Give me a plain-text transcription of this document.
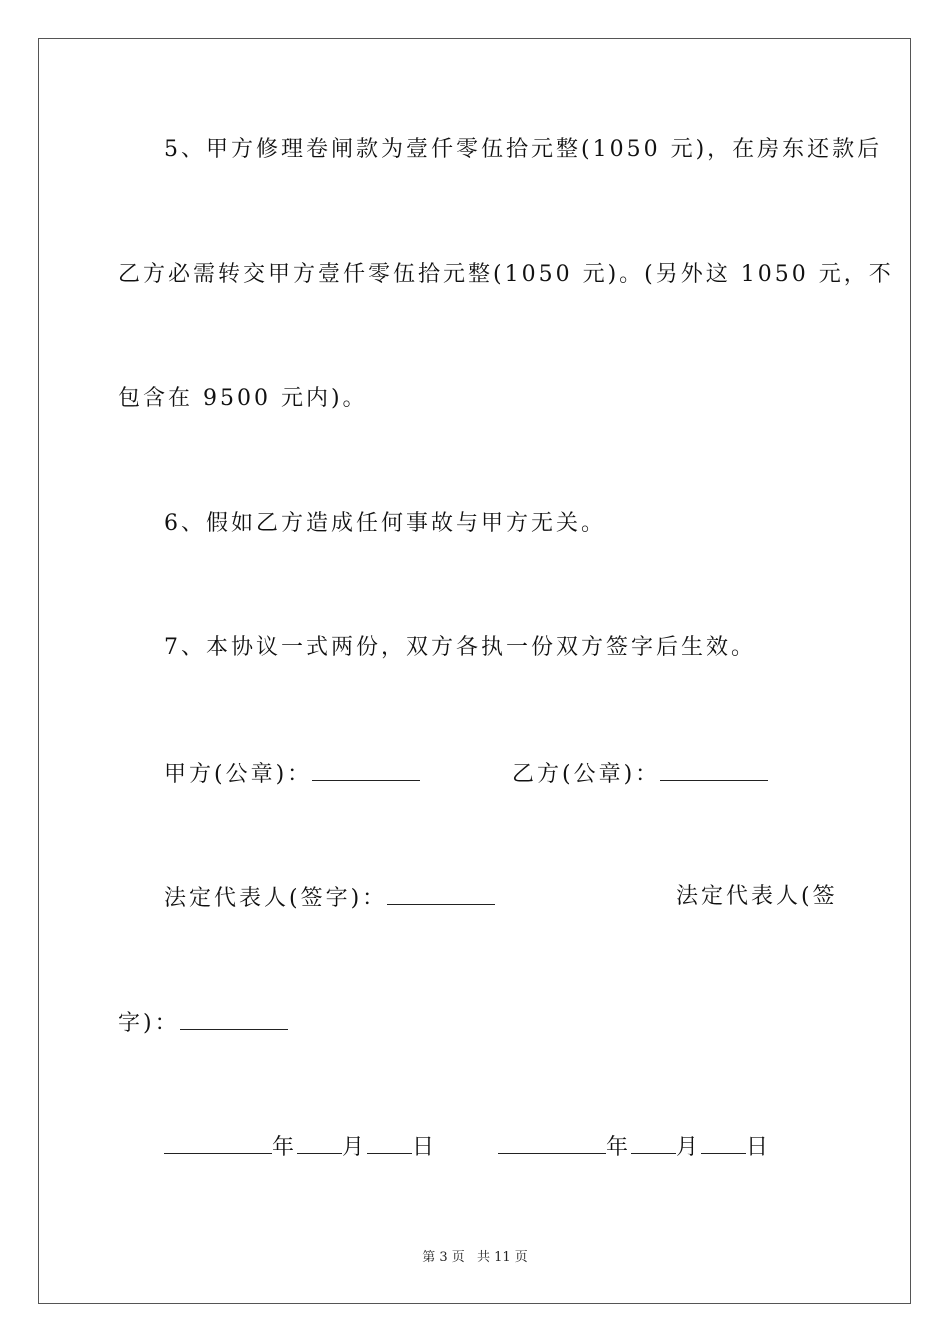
5、甲方修理卷闸款为壹仟零伍拾元整(1050 元)，在房东还款后
乙方必需转交甲方壹仟零伍拾元整(1050 元)。(另外这 1050 元，不
包含在 9500 元内)。
6、假如乙方造成任何事故与甲方无关。
7、本协议一式两份，双方各执一份双方签字后生效。
甲方(公章)：	乙方(公章)：
法定代表人(签字)：	法定代表人(签
字)：
年 月 日	年 月 日
第 3 页 共 11 页
